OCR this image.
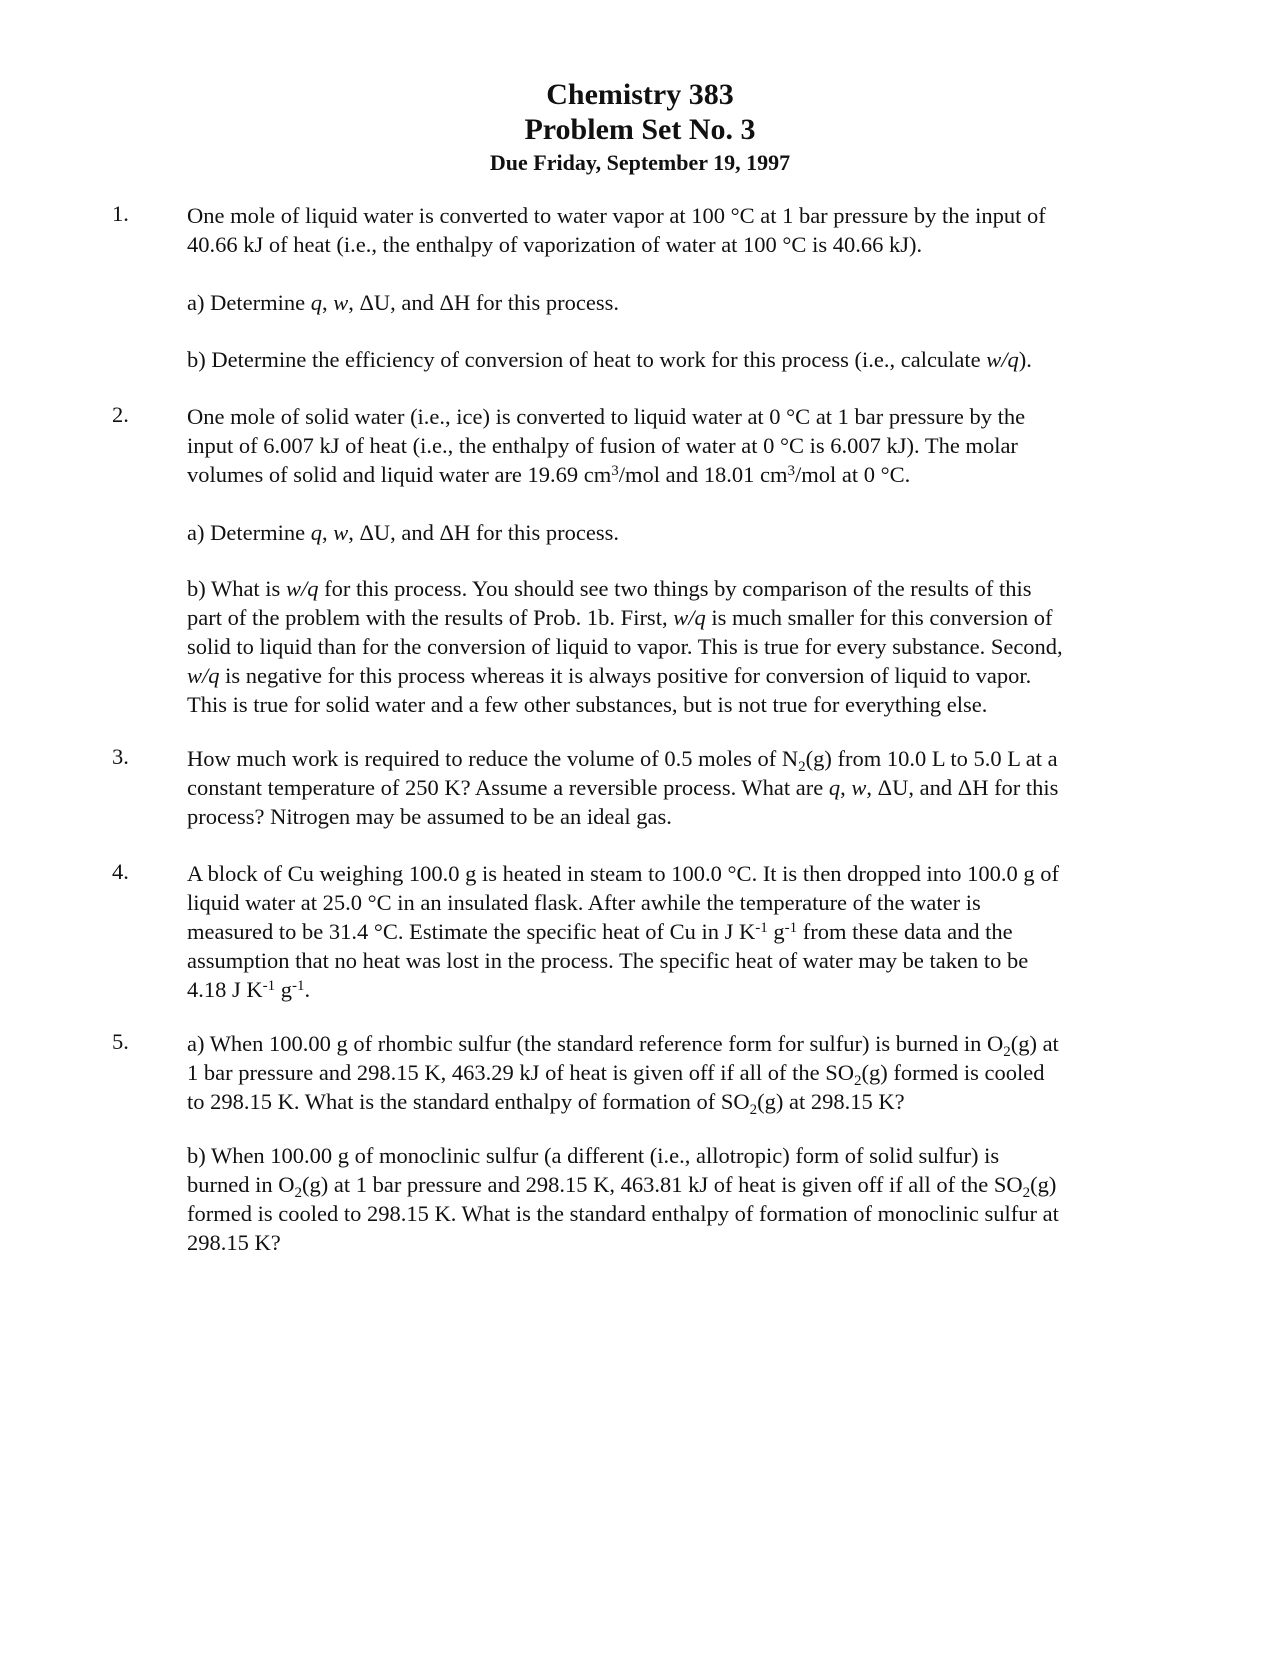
Chemistry 383
Problem Set No. 3
Due Friday, September 19, 1997
1.	One mole of liquid water is converted to water vapor at 100 °C at 1 bar pressure by the input of
40.66 kJ of heat (i.e., the enthalpy of vaporization of water at 100 °C is 40.66 kJ).
a) Determine q, w, ΔU, and ΔH for this process.
b) Determine the efficiency of conversion of heat to work for this process (i.e., calculate w/q).
2.	One mole of solid water (i.e., ice) is converted to liquid water at 0 °C at 1 bar pressure by the
input of 6.007 kJ of heat (i.e., the enthalpy of fusion of water at 0 °C is 6.007 kJ). The molar
volumes of solid and liquid water are 19.69 $cm^3$/mol and 18.01 $cm^3$/mol at 0 °C.
a) Determine q, w, ΔU, and ΔH for this process.
b) What is w/q for this process. You should see two things by comparison of the results of this
part of the problem with the results of Prob. 1b. First, w/q is much smaller for this conversion of
solid to liquid than for the conversion of liquid to vapor. This is true for every substance. Second,
w/q is negative for this process whereas it is always positive for conversion of liquid to vapor.
This is true for solid water and a few other substances, but is not true for everything else.
3.	How much work is required to reduce the volume of 0.5 moles of $N_2(g)$ from 10.0 L to 5.0 L at a
constant temperature of 250 K? Assume a reversible process. What are q, w, ΔU, and ΔH for this
process? Nitrogen may be assumed to be an ideal gas.
4.	A block of Cu weighing 100.0 g is heated in steam to 100.0 °C. It is then dropped into 100.0 g of
liquid water at 25.0 °C in an insulated flask. After awhile the temperature of the water is
measured to be 31.4 °C. Estimate the specific heat of Cu in J $K^{-1}$ $g^{-1}$ from these data and the
assumption that no heat was lost in the process. The specific heat of water may be taken to be
4.18 J $K^{-1}$ $g^{-1}$.
5.	a) When 100.00 g of rhombic sulfur (the standard reference form for sulfur) is burned in $O_2(g)$ at
1 bar pressure and 298.15 K, 463.29 kJ of heat is given off if all of the $SO_2(g)$ formed is cooled
to 298.15 K. What is the standard enthalpy of formation of $SO_2(g)$ at 298.15 K?
b) When 100.00 g of monoclinic sulfur (a different (i.e., allotropic) form of solid sulfur) is
burned in $O_2(g)$ at 1 bar pressure and 298.15 K, 463.81 kJ of heat is given off if all of the $SO_2(g)$
formed is cooled to 298.15 K. What is the standard enthalpy of formation of monoclinic sulfur at
298.15 K?
